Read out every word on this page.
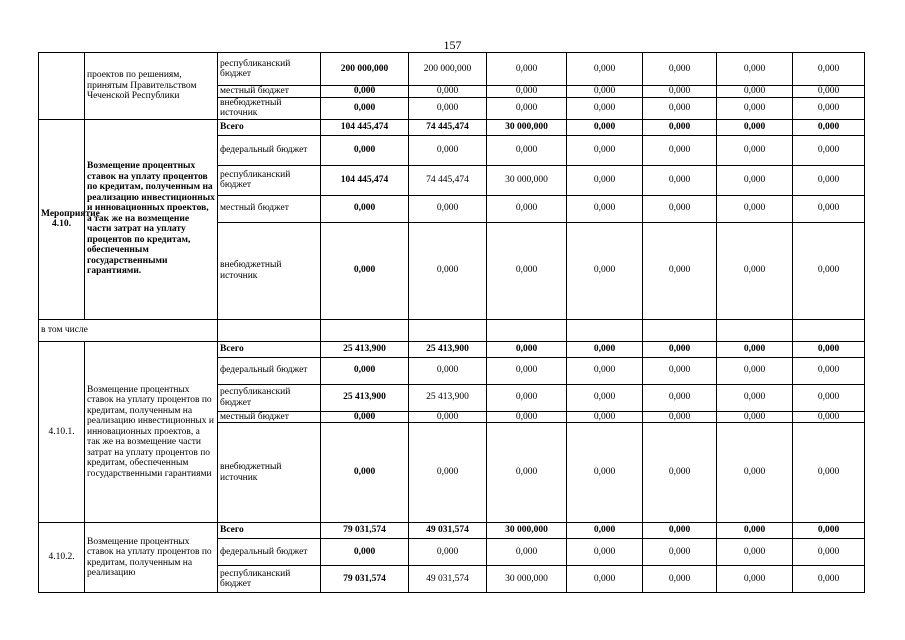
157
	проектов по решениям, принятым Правительством Чеченской Республики	республиканский бюджет	200 000,000	200 000,000	0,000	0,000	0,000	0,000	0,000
		местный бюджет	0,000	0,000	0,000	0,000	0,000	0,000	0,000
		внебюджетный источник	0,000	0,000	0,000	0,000	0,000	0,000	0,000
Мероприятие 4.10.	Возмещение процентных ставок на уплату процентов по кредитам, полученным на реализацию инвестиционных и инновационных проектов, а так же на возмещение части затрат на уплату процентов по кредитам, обеспеченным государственными гарантиями.	Всего	104 445,474	74 445,474	30 000,000	0,000	0,000	0,000	0,000
		федеральный бюджет	0,000	0,000	0,000	0,000	0,000	0,000	0,000
		республиканский бюджет	104 445,474	74 445,474	30 000,000	0,000	0,000	0,000	0,000
		местный бюджет	0,000	0,000	0,000	0,000	0,000	0,000	0,000
		внебюджетный источник	0,000	0,000	0,000	0,000	0,000	0,000	0,000
в том числе									
4.10.1.	Возмещение процентных ставок на уплату процентов по кредитам, полученным на реализацию инвестиционных и инновационных проектов, а так же на возмещение части затрат на уплату процентов по кредитам, обеспеченным государственными гарантиями	Всего	25 413,900	25 413,900	0,000	0,000	0,000	0,000	0,000
		федеральный бюджет	0,000	0,000	0,000	0,000	0,000	0,000	0,000
		республиканский бюджет	25 413,900	25 413,900	0,000	0,000	0,000	0,000	0,000
		местный бюджет	0,000	0,000	0,000	0,000	0,000	0,000	0,000
		внебюджетный источник	0,000	0,000	0,000	0,000	0,000	0,000	0,000
4.10.2.	Возмещение процентных ставок на уплату процентов по кредитам, полученным на реализацию	Всего	79 031,574	49 031,574	30 000,000	0,000	0,000	0,000	0,000
		федеральный бюджет	0,000	0,000	0,000	0,000	0,000	0,000	0,000
		республиканский бюджет	79 031,574	49 031,574	30 000,000	0,000	0,000	0,000	0,000
